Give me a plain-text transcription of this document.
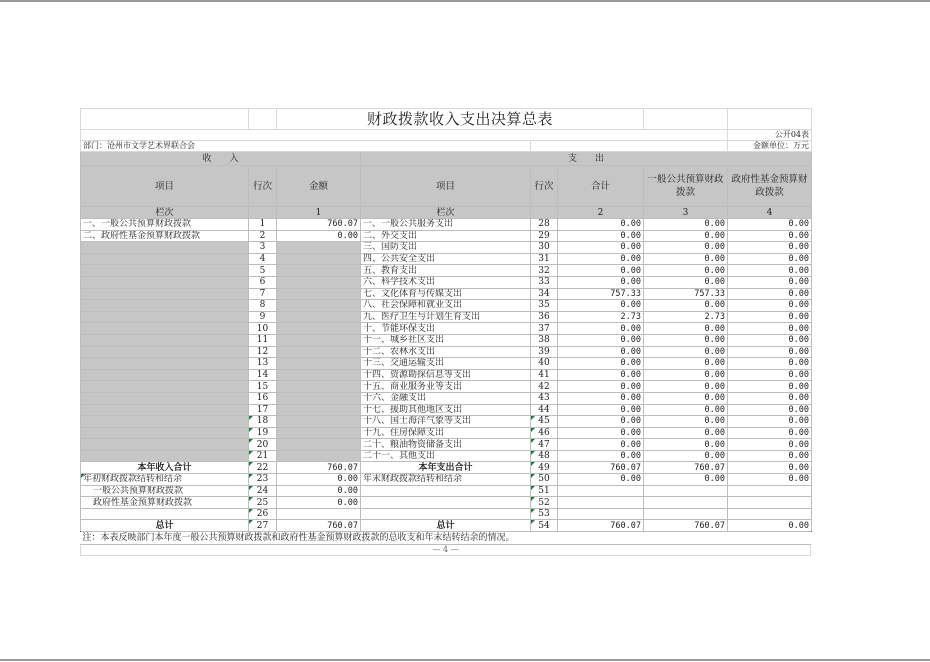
		财政拨款收入支出决算总表					
							公开04表
部门：沧州市文学艺术界联合会							金额单位：万元
收　　入			支　　出				
项目	行次	金额	项目	行次	合计	一般公共预算财政拨款	政府性基金预算财政拨款
栏次		1	栏次		2	3	4
一、一般公共预算财政拨款	1	760.07	一、一般公共服务支出	28	0.00	0.00	0.00
二、政府性基金预算财政拨款	2	0.00	二、外交支出	29	0.00	0.00	0.00
	3		三、国防支出	30	0.00	0.00	0.00
	4		四、公共安全支出	31	0.00	0.00	0.00
	5		五、教育支出	32	0.00	0.00	0.00
	6		六、科学技术支出	33	0.00	0.00	0.00
	7		七、文化体育与传媒支出	34	757.33	757.33	0.00
	8		八、社会保障和就业支出	35	0.00	0.00	0.00
	9		九、医疗卫生与计划生育支出	36	2.73	2.73	0.00
	10		十、节能环保支出	37	0.00	0.00	0.00
	11		十一、城乡社区支出	38	0.00	0.00	0.00
	12		十二、农林水支出	39	0.00	0.00	0.00
	13		十三、交通运输支出	40	0.00	0.00	0.00
	14		十四、资源勘探信息等支出	41	0.00	0.00	0.00
	15		十五、商业服务业等支出	42	0.00	0.00	0.00
	16		十六、金融支出	43	0.00	0.00	0.00
	17		十七、援助其他地区支出	44	0.00	0.00	0.00
	18		十八、国土海洋气象等支出	45	0.00	0.00	0.00
	19		十九、住房保障支出	46	0.00	0.00	0.00
	20		二十、粮油物资储备支出	47	0.00	0.00	0.00
	21		二十一、其他支出	48	0.00	0.00	0.00
本年收入合计	22	760.07	本年支出合计	49	760.07	760.07	0.00
年初财政拨款结转和结余	23	0.00	年末财政拨款结转和结余	50	0.00	0.00	0.00
一般公共预算财政拨款	24	0.00		51			
政府性基金预算财政拨款	25	0.00		52			
	26			53			
总计	27	760.07	总计	54	760.07	760.07	0.00
注：本表反映部门本年度一般公共预算财政拨款和政府性基金预算财政拨款的总收支和年末结转结余的情况。
— 4 —
